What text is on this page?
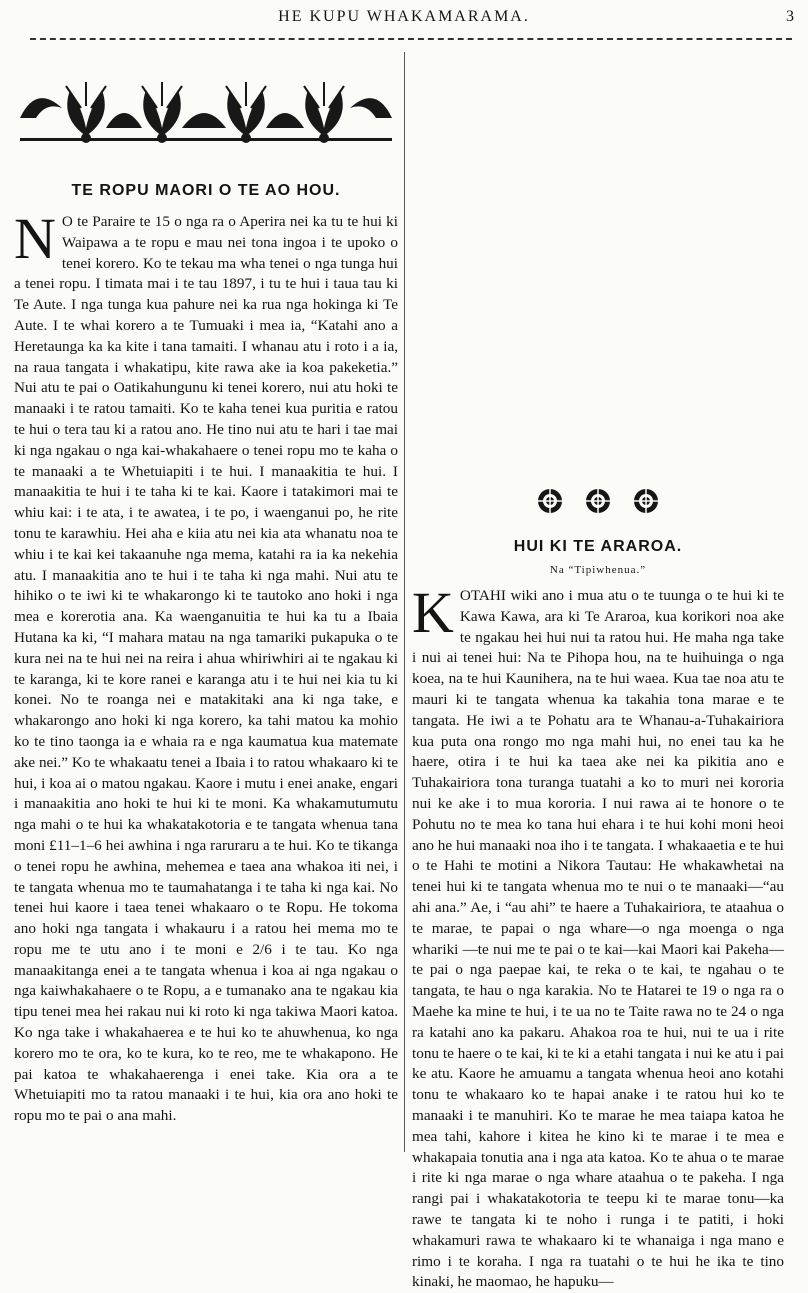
HE KUPU WHAKAMARAMA.	3
TE ROPU MAORI O TE AO HOU.

N O te Paraire te 15 o nga ra o Aperira nei ka tu te hui ki Waipawa a te ropu e mau nei tona ingoa i te upoko o tenei korero. Ko te tekau ma wha tenei o nga tunga hui a tenei ropu. I timata mai i te tau 1897, i tu te hui i taua tau ki Te Aute. I nga tunga kua pahure nei ka rua nga hokinga ki Te Aute. I te whai korero a te Tumuaki i mea ia, “Katahi ano a Heretaunga ka ka kite i tana tamaiti. I whanau atu i roto i a ia, na raua tangata i whakatipu, kite rawa ake ia koa pakeketia.” Nui atu te pai o Oatikahungunu ki tenei korero, nui atu hoki te manaaki i te ratou tamaiti. Ko te kaha tenei kua puritia e ratou te hui o tera tau ki a ratou ano. He tino nui atu te hari i tae mai ki nga ngakau o nga kai-whakahaere o tenei ropu mo te kaha o te manaaki a te Whetuiapiti i te hui. I manaakitia te hui. I manaakitia te hui i te taha ki te kai. Kaore i tatakimori mai te whiu kai: i te ata, i te awatea, i te po, i waenganui po, he rite tonu te karawhiu. Hei aha e kiia atu nei kia ata whanatu noa te whiu i te kai kei takaanuhe nga mema, katahi ra ia ka nekehia atu. I manaakitia ano te hui i te taha ki nga mahi. Nui atu te hihiko o te iwi ki te whakarongo ki te tautoko ano hoki i nga mea e korerotia ana. Ka waenganuitia te hui ka tu a Ibaia Hutana ka ki, “I mahara matau na nga tamariki pukapuka o te kura nei na te hui nei na reira i ahua whiriwhiri ai te ngakau ki te karanga, ki te kore ranei e karanga atu i te hui nei kia tu ki konei. No te roanga nei e matakitaki ana ki nga take, e whakarongo ano hoki ki nga korero, ka tahi matou ka mohio ko te tino taonga ia e whaia ra e nga kaumatua kua matemate ake nei.” Ko te whakaatu tenei a Ibaia i to ratou whakaaro ki te hui, i koa ai o matou ngakau. Kaore i mutu i enei anake, engari i manaakitia ano hoki te hui ki te moni. Ka whakamutumutu nga mahi o te hui ka whakatakotoria e te tangata whenua tana moni £11–1–6 hei awhina i nga raruraru a te hui. Ko te tikanga o tenei ropu he awhina, mehemea e taea ana whakoa iti nei, i te tangata whenua mo te taumahatanga i te taha ki nga kai. No tenei hui kaore i taea tenei whakaaro o te Ropu. He tokoma ano hoki nga tangata i whakauru i a ratou hei mema mo te ropu me te utu ano i te moni e 2/6 i te tau. Ko nga manaakitanga enei a te tangata whenua i koa ai nga ngakau o nga kaiwhakahaere o te Ropu, a e tumanako ana te ngakau kia tipu tenei mea hei rakau nui ki roto ki nga takiwa Maori katoa. Ko nga take i whakahaerea e te hui ko te ahuwhenua, ko nga korero mo te ora, ko te kura, ko te reo, me te whakapono. He pai katoa te whakahaerenga i enei take. Kia ora a te Whetuiapiti mo ta ratou manaaki i te hui, kia ora ano hoki te ropu mo te pai o ana mahi.

HUI KI TE ARAROA.
Na “Tipiwhenua.”

K OTAHI wiki ano i mua atu o te tuunga o te hui ki te Kawa Kawa, ara ki Te Araroa, kua korikori noa ake te ngakau hei hui nui ta ratou hui. He maha nga take i nui ai tenei hui: Na te Pihopa hou, na te huihuinga o nga koea, na te hui Kaunihera, na te hui waea. Kua tae noa atu te mauri ki te tangata whenua ka takahia tona marae e te tangata. He iwi a te Pohatu ara te Whanau-a-Tuhakairiora kua puta ona rongo mo nga mahi hui, no enei tau ka he haere, otira i te hui ka taea ake nei ka pikitia ano e Tuhakairiora tona turanga tuatahi a ko to muri nei kororia nui ke ake i to mua kororia. I nui rawa ai te honore o te Pohutu no te mea ko tana hui ehara i te hui kohi moni heoi ano he hui manaaki noa iho i te tangata. I whakaaetia e te hui o te Hahi te motini a Nikora Tautau: He whakawhetai na tenei hui ki te tangata whenua mo te nui o te manaaki—“au ahi ana.” Ae, i “au ahi” te haere a Tuhakairiora, te ataahua o te marae, te papai o nga whare—o nga moenga o nga whariki —te nui me te pai o te kai—kai Maori kai Pakeha—te pai o nga paepae kai, te reka o te kai, te ngahau o te tangata, te hau o nga karakia. No te Hatarei te 19 o nga ra o Maehe ka mine te hui, i te ua no te Taite rawa no te 24 o nga ra katahi ano ka pakaru. Ahakoa roa te hui, nui te ua i rite tonu te haere o te kai, ki te ki a etahi tangata i nui ke atu i pai ke atu. Kaore he amuamu a tangata whenua heoi ano kotahi tonu te whakaaro ko te hapai anake i te ratou hui ko te manaaki i te manuhiri. Ko te marae he mea taiapa katoa he mea tahi, kahore i kitea he kino ki te marae i te mea e whakapaia tonutia ana i nga ata katoa. Ko te ahua o te marae i rite ki nga marae o nga whare ataahua o te pakeha. I nga rangi pai i whakatakotoria te teepu ki te marae tonu—ka rawe te tangata ki te noho i runga i te patiti, i hoki whakamuri rawa te whakaaro ki te whanaiga i nga mano e rimo i te koraha. I nga ra tuatahi o te hui he ika te tino kinaki, he maomao, he hapuku—
